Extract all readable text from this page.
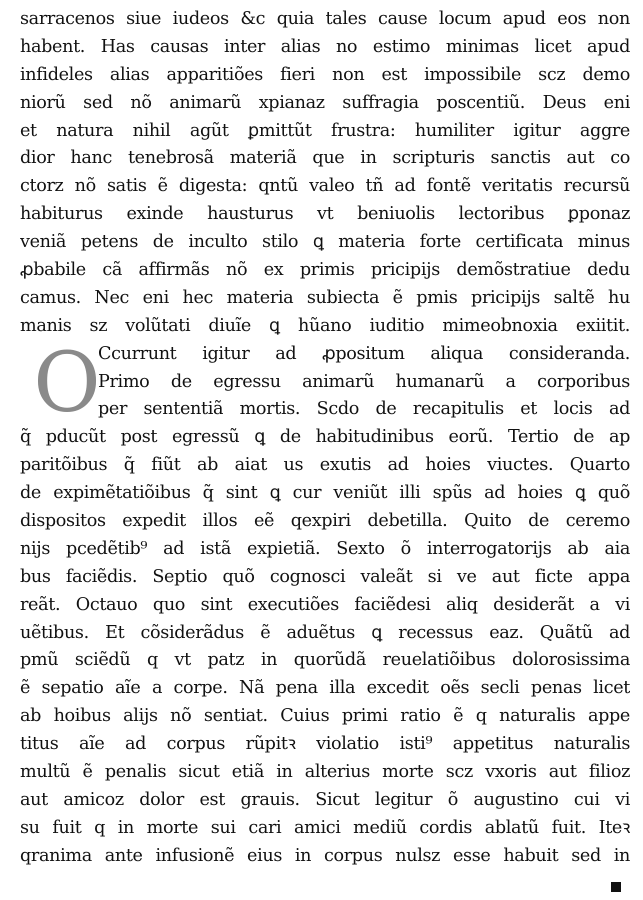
O
sarracenos siue iudeos &c quia tales cause locum apud eos non
habent. Has causas inter alias no estimo minimas licet apud
infideles alias apparitiões fieri non est impossibile scz demo
niorũ sed nõ animarũ xpianaz suffragia poscentiũ. Deus eni
et natura nihil agũt ꝑmittũt frustra: humiliter igitur aggre
dior hanc tenebrosã materiã que in scripturis sanctis aut co
ctorz nõ satis ẽ digesta: qntũ valeo tñ ad fontẽ veritatis recursũ
habiturus exinde hausturus vt beniuolis lectoribus ꝑponaz
veniã petens de inculto stilo ꝗ materia forte certificata minus
ꝓbabile cã affirmãs nõ ex primis pricipijs demõstratiue dedu
camus. Nec eni hec materia subiecta ẽ pmis pricipijs saltẽ hu
manis sz volũtati diuĩe ꝗ hũano iuditio mimeobnoxia exiitit.
Ccurrunt igitur ad ꝓpositum aliqua consideranda.
Primo de egressu animarũ humanarũ a corporibus
per sententiã mortis. Scdo de recapitulis et locis ad
q̃ pducũt post egressũ ꝗ de habitudinibus eorũ. Tertio de ap
paritõibus q̃ fiũt ab aiat us exutis ad hoies viuctes. Quarto
de expimẽtatiõibus q̃ sint ꝗ cur veniũt illi spũs ad hoies ꝗ quõ
dispositos expedit illos eẽ qexpiri debetilla. Quito de ceremo
nijs pcedẽtib⁹ ad istã expietiã. Sexto õ interrogatorijs ab aia
bus faciẽdis. Septio quõ cognosci valeãt si ve aut ficte appa
reãt. Octauo quo sint executiões faciẽdesi aliq desiderãt a vi
uẽtibus. Et cõsiderãdus ẽ aduẽtus ꝗ recessus eaz. Quãtũ ad
pmũ sciẽdũ q vt patz in quorũdã reuelatiõibus dolorosissima
ẽ sepatio aĩe a corpe. Nã pena illa excedit oẽs secli penas licet
ab hoibus alijs nõ sentiat. Cuius primi ratio ẽ q naturalis appe
titus aĩe ad corpus rũpitꝛ violatio isti⁹ appetitus naturalis
multũ ẽ penalis sicut etiã in alterius morte scz vxoris aut filioz
aut amicoz dolor est grauis. Sicut legitur õ augustino cui vi
su fuit q in morte sui cari amici mediũ cordis ablatũ fuit. Iteꝛ
qranima ante infusionẽ eius in corpus nulsz esse habuit sed in
